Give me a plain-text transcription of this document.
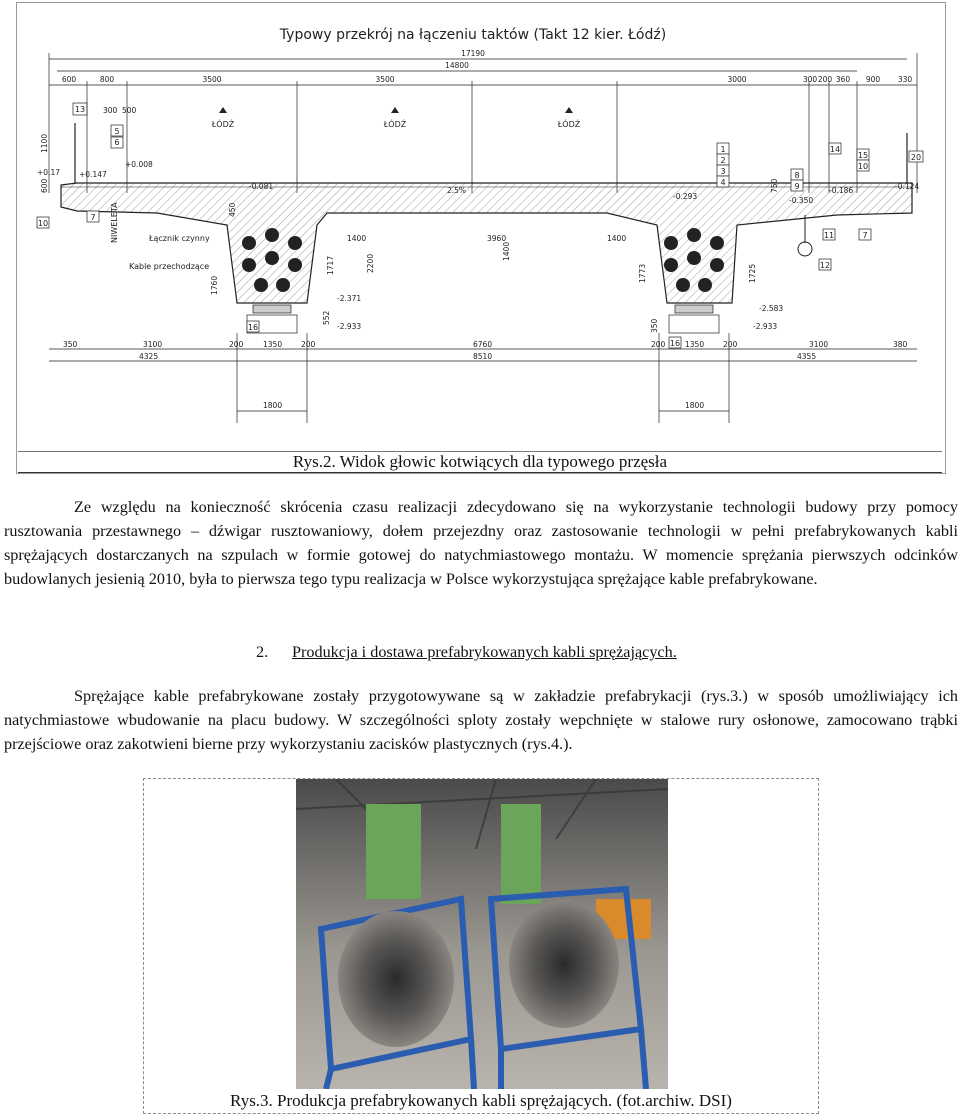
Typowy przekrój na łączeniu taktów (Takt 12 kier. Łódź)
17190
14800
600	800	3500	3500	3000	300 200 360 900 330
13 300 500
1100
600
ŁÓDŹ	ŁÓDŹ	ŁÓDŹ
5
6
7
10
1
2
3
4
8
9
11
12
14
15
10
7
16
16
20
+0.17	+0.147
+0.008
-0.081
-0.293	-0.350
-0.186	-0.124
-2.371
-2.933
-2.583
-2.933
Łącznik czynny
Kable przechodzące
NIWELETA
2.5%
1400	3960	1400
2200
1717
1760
1400
1773	1725
350
552
450
750
350	3100	200	1350	200	6760	200	1350	200	3100	380
4325	8510	4355
1800	1800
Rys.2. Widok głowic kotwiących dla typowego przęsła

Ze względu na konieczność skrócenia czasu realizacji zdecydowano się na wykorzystanie technologii budowy przy pomocy rusztowania przestawnego – dźwigar rusztowaniowy, dołem przejezdny oraz zastosowanie technologii w pełni prefabrykowanych kabli sprężających dostarczanych na szpulach w formie gotowej do natychmiastowego montażu. W momencie sprężania pierwszych odcinków budowlanych jesienią 2010, była to pierwsza tego typu realizacja w Polsce wykorzystująca sprężające kable prefabrykowane.

2. Produkcja i dostawa prefabrykowanych kabli sprężających.

Sprężające kable prefabrykowane zostały przygotowywane są w zakładzie prefabrykacji (rys.3.) w sposób umożliwiający ich natychmiastowe wbudowanie na placu budowy. W szczególności sploty zostały wepchnięte w stalowe rury osłonowe, zamocowano trąbki przejściowe oraz zakotwieni bierne przy wykorzystaniu zacisków plastycznych (rys.4.).

Rys.3. Produkcja prefabrykowanych kabli sprężających. (fot.archiw. DSI)
